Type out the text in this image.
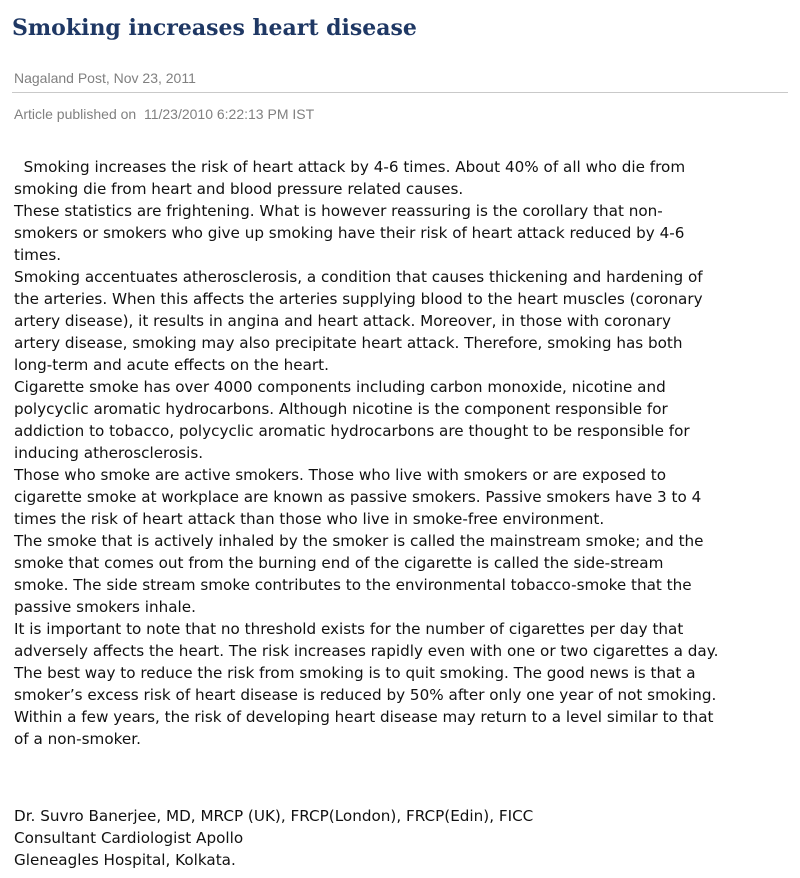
Smoking increases heart disease
Nagaland Post, Nov 23, 2011
Article published on  11/23/2010 6:22:13 PM IST
Smoking increases the risk of heart attack by 4-6 times. About 40% of all who die from
smoking die from heart and blood pressure related causes.
These statistics are frightening. What is however reassuring is the corollary that non-
smokers or smokers who give up smoking have their risk of heart attack reduced by 4-6
times.
Smoking accentuates atherosclerosis, a condition that causes thickening and hardening of
the arteries. When this affects the arteries supplying blood to the heart muscles (coronary
artery disease), it results in angina and heart attack. Moreover, in those with coronary
artery disease, smoking may also precipitate heart attack. Therefore, smoking has both
long-term and acute effects on the heart.
Cigarette smoke has over 4000 components including carbon monoxide, nicotine and
polycyclic aromatic hydrocarbons. Although nicotine is the component responsible for
addiction to tobacco, polycyclic aromatic hydrocarbons are thought to be responsible for
inducing atherosclerosis.
Those who smoke are active smokers. Those who live with smokers or are exposed to
cigarette smoke at workplace are known as passive smokers. Passive smokers have 3 to 4
times the risk of heart attack than those who live in smoke-free environment.
The smoke that is actively inhaled by the smoker is called the mainstream smoke; and the
smoke that comes out from the burning end of the cigarette is called the side-stream
smoke. The side stream smoke contributes to the environmental tobacco-smoke that the
passive smokers inhale.
It is important to note that no threshold exists for the number of cigarettes per day that
adversely affects the heart. The risk increases rapidly even with one or two cigarettes a day.
The best way to reduce the risk from smoking is to quit smoking. The good news is that a
smoker’s excess risk of heart disease is reduced by 50% after only one year of not smoking.
Within a few years, the risk of developing heart disease may return to a level similar to that
of a non-smoker.
Dr. Suvro Banerjee, MD, MRCP (UK), FRCP(London), FRCP(Edin), FICC
Consultant Cardiologist Apollo
Gleneagles Hospital, Kolkata.
